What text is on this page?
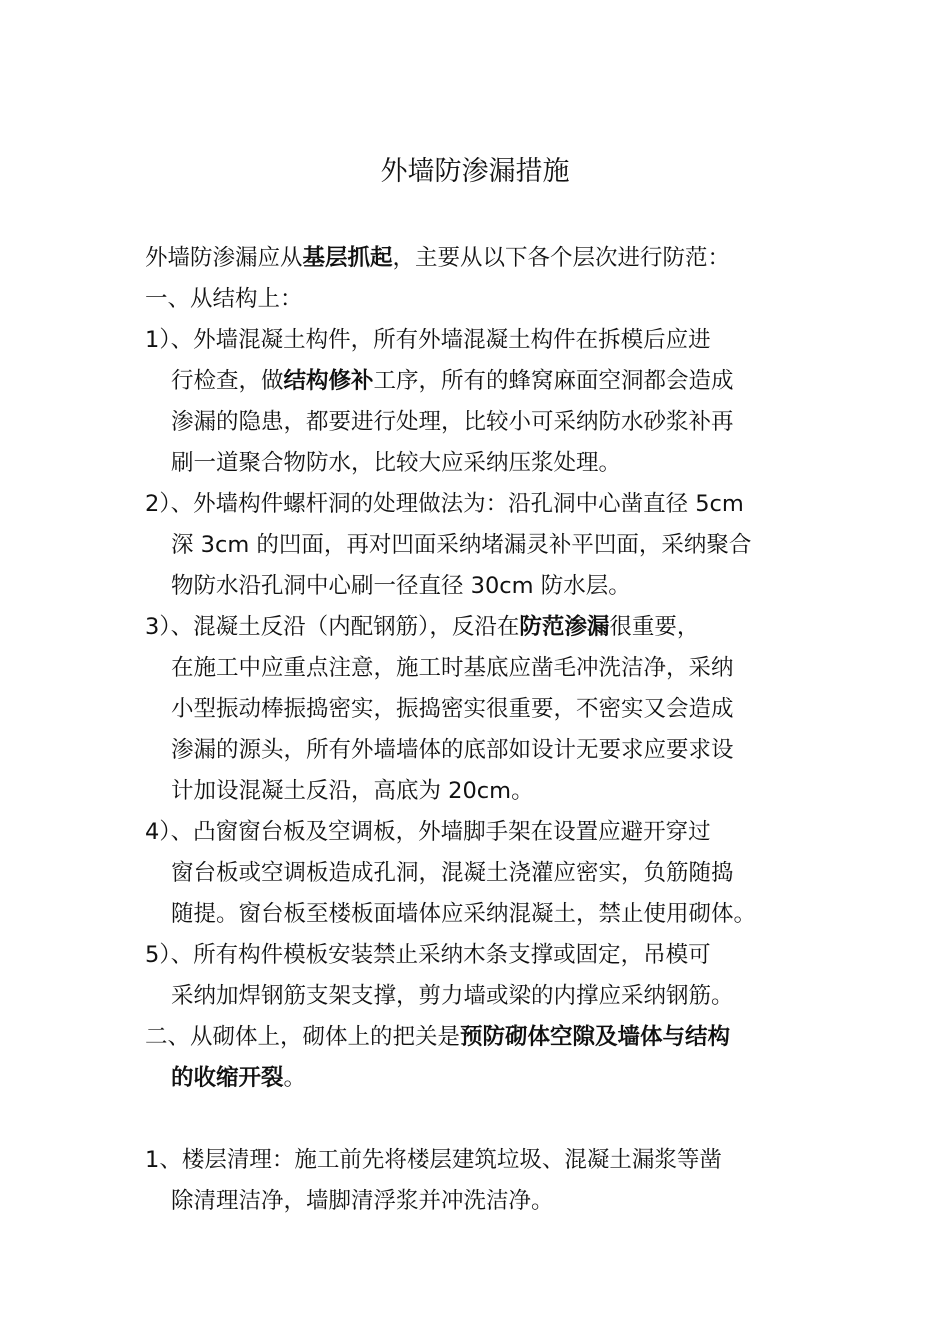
外墙防渗漏措施

外墙防渗漏应从基层抓起，主要从以下各个层次进行防范：

一、从结构上：

1）、外墙混凝土构件，所有外墙混凝土构件在拆模后应进

行检查，做结构修补工序，所有的蜂窝麻面空洞都会造成

渗漏的隐患，都要进行处理，比较小可采纳防水砂浆补再

刷一道聚合物防水，比较大应采纳压浆处理。

2）、外墙构件螺杆洞的处理做法为：沿孔洞中心凿直径 5cm

深 3cm 的凹面，再对凹面采纳堵漏灵补平凹面，采纳聚合

物防水沿孔洞中心刷一径直径 30cm 防水层。

3）、混凝土反沿（内配钢筋），反沿在防范渗漏很重要，

在施工中应重点注意，施工时基底应凿毛冲洗洁净，采纳

小型振动棒振捣密实，振捣密实很重要，不密实又会造成

渗漏的源头，所有外墙墙体的底部如设计无要求应要求设

计加设混凝土反沿，高底为 20cm。

4）、凸窗窗台板及空调板，外墙脚手架在设置应避开穿过

窗台板或空调板造成孔洞，混凝土浇灌应密实，负筋随捣

随提。窗台板至楼板面墙体应采纳混凝土，禁止使用砌体。

5）、所有构件模板安装禁止采纳木条支撑或固定，吊模可

采纳加焊钢筋支架支撑，剪力墙或梁的内撑应采纳钢筋。

二、从砌体上，砌体上的把关是预防砌体空隙及墙体与结构

的收缩开裂。

1、楼层清理：施工前先将楼层建筑垃圾、混凝土漏浆等凿

除清理洁净，墙脚清浮浆并冲洗洁净。
